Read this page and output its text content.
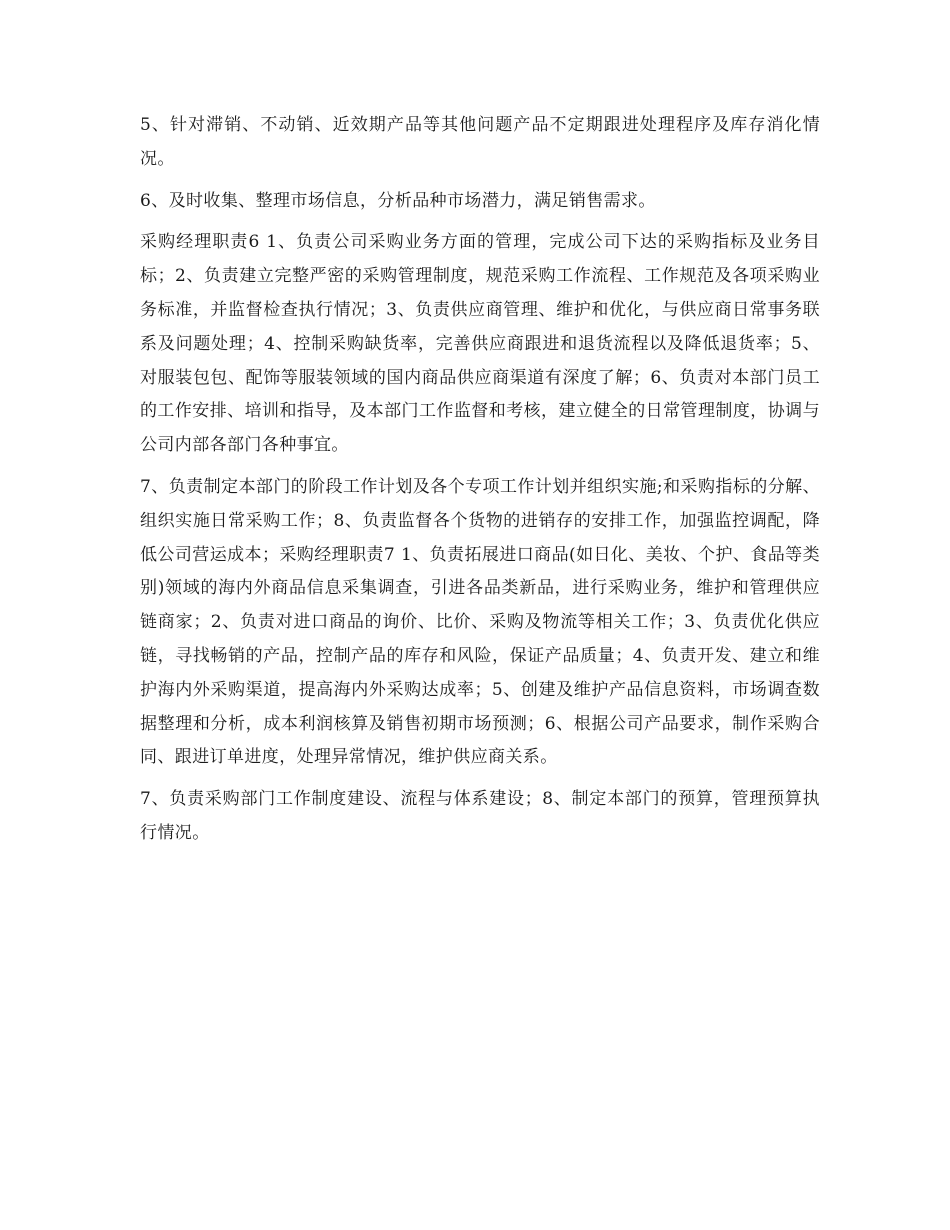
5、针对滞销、不动销、近效期产品等其他问题产品不定期跟进处理程序及库存消化情况。

6、及时收集、整理市场信息，分析品种市场潜力，满足销售需求。

采购经理职责6 1、负责公司采购业务方面的管理，完成公司下达的采购指标及业务目标；2、负责建立完整严密的采购管理制度，规范采购工作流程、工作规范及各项采购业务标准，并监督检查执行情况；3、负责供应商管理、维护和优化，与供应商日常事务联系及问题处理；4、控制采购缺货率，完善供应商跟进和退货流程以及降低退货率；5、对服装包包、配饰等服装领域的国内商品供应商渠道有深度了解；6、负责对本部门员工的工作安排、培训和指导，及本部门工作监督和考核，建立健全的日常管理制度，协调与公司内部各部门各种事宜。

7、负责制定本部门的阶段工作计划及各个专项工作计划并组织实施;和采购指标的分解、组织实施日常采购工作；8、负责监督各个货物的进销存的安排工作，加强监控调配，降低公司营运成本；采购经理职责7 1、负责拓展进口商品(如日化、美妆、个护、食品等类别)领域的海内外商品信息采集调查，引进各品类新品，进行采购业务，维护和管理供应链商家；2、负责对进口商品的询价、比价、采购及物流等相关工作；3、负责优化供应链，寻找畅销的产品，控制产品的库存和风险，保证产品质量；4、负责开发、建立和维护海内外采购渠道，提高海内外采购达成率；5、创建及维护产品信息资料，市场调查数据整理和分析，成本利润核算及销售初期市场预测；6、根据公司产品要求，制作采购合同、跟进订单进度，处理异常情况，维护供应商关系。

7、负责采购部门工作制度建设、流程与体系建设；8、制定本部门的预算，管理预算执行情况。
